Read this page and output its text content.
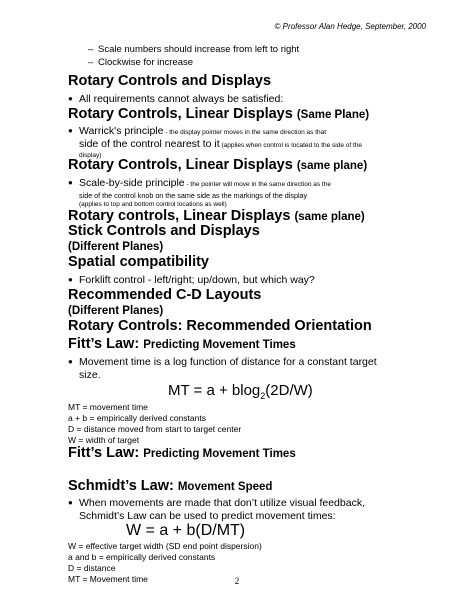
© Professor Alan Hedge, September, 2000
– Scale numbers should increase from left to right
– Clockwise for increase
Rotary Controls and Displays
● All requirements cannot always be satisfied:
Rotary Controls, Linear Displays (Same Plane)
● Warrick's principle - the display pointer moves in the same direction as that
side of the control nearest to it (applies when control is located to the side of the
display)
Rotary Controls, Linear Displays (same plane)
● Scale-by-side principle - the pointer will move in the same direction as the
side of the control knob on the same side as the markings of the display
(applies to top and bottom control locations as well)
Rotary controls, Linear Displays (same plane)
Stick Controls and Displays
(Different Planes)
Spatial compatibility
● Forklift control - left/right; up/down, but which way?
Recommended C-D Layouts
(Different Planes)
Rotary Controls: Recommended Orientation
Fitt’s Law: Predicting Movement Times
● Movement time is a log function of distance for a constant target
size.
MT = a + blog$_2$(2D/W)
MT = movement time
a + b = empirically derived constants
D = distance moved from start to target center
W = width of target
Fitt’s Law: Predicting Movement Times
Schmidt’s Law: Movement Speed
● When movements are made that don’t utilize visual feedback,
Schmidt’s Law can be used to predict movement times:
W = a + b(D/MT)
W = effective target width (SD end point dispersion)
a and b = empirically derived constants
D = distance
MT = Movement time	2
